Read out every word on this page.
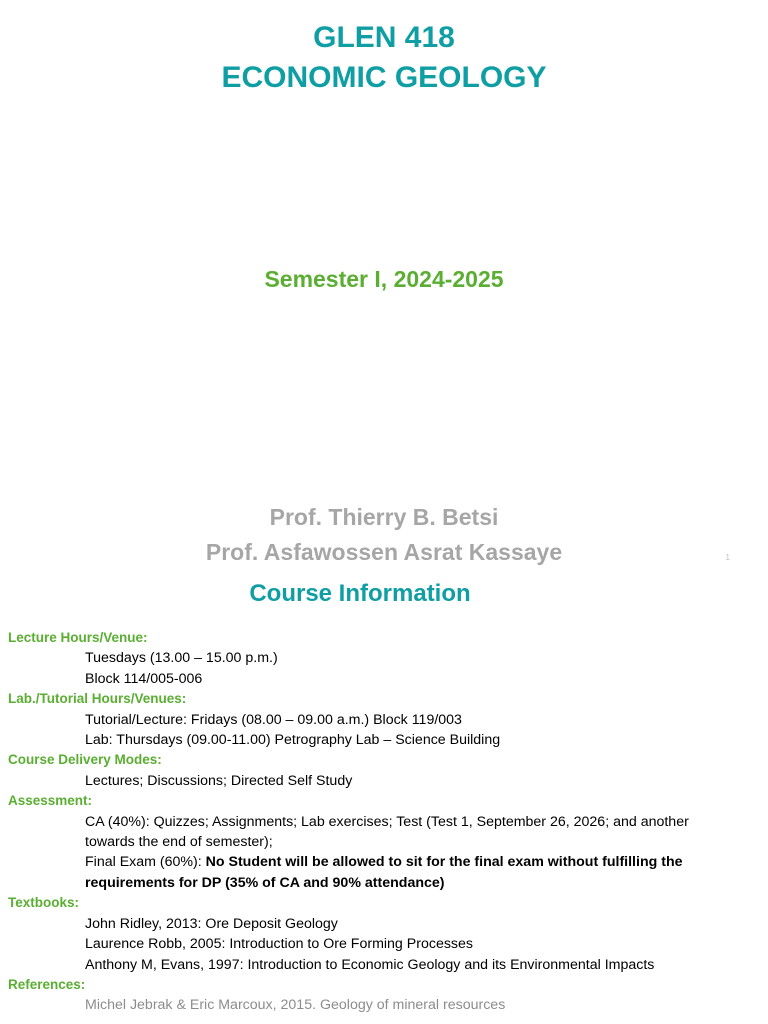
GLEN 418
ECONOMIC GEOLOGY
Semester I, 2024-2025
Prof. Thierry B. Betsi
Prof. Asfawossen Asrat Kassaye	1
Course Information
Lecture Hours/Venue:
Tuesdays (13.00 – 15.00 p.m.)
Block 114/005-006
Lab./Tutorial Hours/Venues:
Tutorial/Lecture: Fridays (08.00 – 09.00 a.m.) Block 119/003
Lab: Thursdays (09.00-11.00) Petrography Lab – Science Building
Course Delivery Modes:
Lectures; Discussions; Directed Self Study
Assessment:
CA (40%): Quizzes; Assignments; Lab exercises; Test (Test 1, September 26, 2026; and another
towards the end of semester);
Final Exam (60%): No Student will be allowed to sit for the final exam without fulfilling the
requirements for DP (35% of CA and 90% attendance)
Textbooks:
John Ridley, 2013: Ore Deposit Geology
Laurence Robb, 2005: Introduction to Ore Forming Processes
Anthony M, Evans, 1997: Introduction to Economic Geology and its Environmental Impacts
References:
Michel Jebrak & Eric Marcoux, 2015. Geology of mineral resources
